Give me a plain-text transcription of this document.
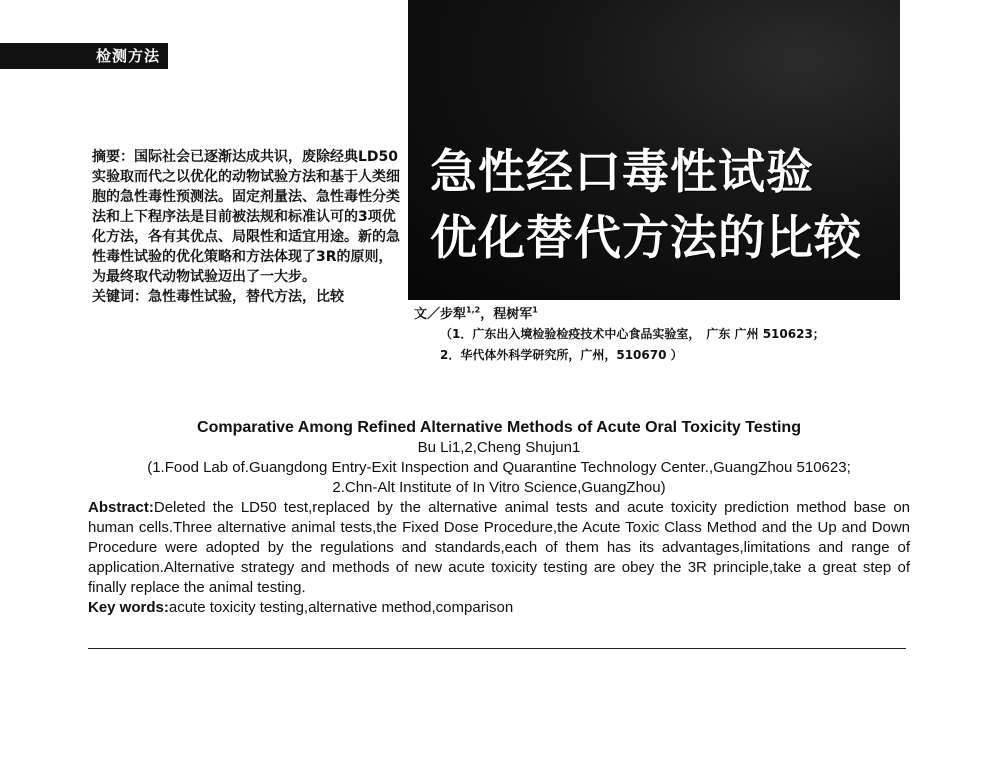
检测方法
急性经口毒性试验
优化替代方法的比较
摘要：国际社会已逐渐达成共识，废除经典LD50实验取而代之以优化的动物试验方法和基于人类细胞的急性毒性预测法。固定剂量法、急性毒性分类法和上下程序法是目前被法规和标准认可的3项优化方法，各有其优点、局限性和适宜用途。新的急性毒性试验的优化策略和方法体现了3R的原则，为最终取代动物试验迈出了一大步。
关键词：急性毒性试验，替代方法，比较
文／步犁$^{1,2}$，程树军$^1$
（1．广东出入境检验检疫技术中心食品实验室，　广东 广州 510623；
2．华代体外科学研究所，广州，510670 ）
Comparative Among Refined Alternative Methods of Acute Oral Toxicity Testing
Bu Li1,2,Cheng Shujun1
(1.Food Lab of.Guangdong Entry-Exit Inspection and Quarantine Technology Center.,GuangZhou 510623;
2.Chn-Alt Institute of In Vitro Science,GuangZhou)
Abstract:Deleted the LD50 test,replaced by the alternative animal tests and acute toxicity prediction method base on human cells.Three alternative animal tests,the Fixed Dose Procedure,the Acute Toxic Class Method and the Up and Down Procedure were adopted by the regulations and standards,each of them has its advantages,limitations and range of application.Alternative strategy and methods of new acute toxicity testing are obey the 3R principle,take a great step of finally replace the animal testing.
Key words:acute toxicity testing,alternative method,comparison
